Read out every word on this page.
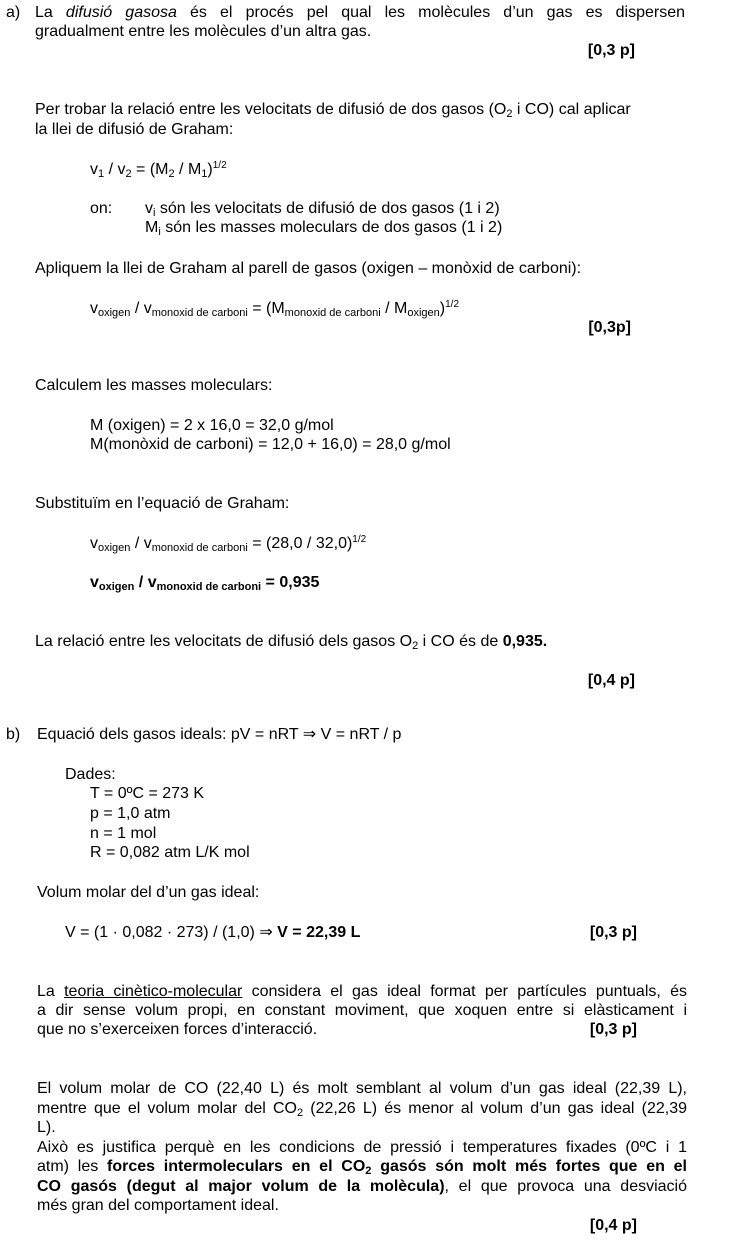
a) La difusió gasosa és el procés pel qual les molècules d’un gas es dispersen
gradualment entre les molècules d’un altra gas.
[0,3 p]
Per trobar la relació entre les velocitats de difusió de dos gasos ($O_2$ i CO) cal aplicar
la llei de difusió de Graham:
$v_1 / v_2 = (M_2 / M_1)^{1/2}$
on: $v_i$ són les velocitats de difusió de dos gasos (1 i 2)
$M_i$ són les masses moleculars de dos gasos (1 i 2)
Apliquem la llei de Graham al parell de gasos (oxigen – monòxid de carboni):
$v_{oxigen} / v_{monoxid de carboni} = (M_{monoxid de carboni} / M_{oxigen})^{1/2}$
[0,3p]
Calculem les masses moleculars:
M (oxigen) = 2 x 16,0 = 32,0 g/mol
M(monòxid de carboni) = 12,0 + 16,0) = 28,0 g/mol
Substituïm en l’equació de Graham:
$v_{oxigen} / v_{monoxid de carboni} = (28,0 / 32,0)^{1/2}$
$v_{oxigen} / v_{monoxid de carboni} = 0,935$
La relació entre les velocitats de difusió dels gasos $O_2$ i CO és de 0,935.
[0,4 p]
b) Equació dels gasos ideals: pV = nRT ⇒ V = nRT / p
Dades:
T = 0ºC = 273 K
p = 1,0 atm
n = 1 mol
R = 0,082 atm L/K mol
Volum molar del d’un gas ideal:
V = (1 · 0,082 · 273) / (1,0) ⇒ V = 22,39 L	[0,3 p]
La teoria cinètico-molecular considera el gas ideal format per partícules puntuals, és
a dir sense volum propi, en constant moviment, que xoquen entre si elàsticament i
que no s’exerceixen forces d’interacció.	[0,3 p]
El volum molar de CO (22,40 L) és molt semblant al volum d’un gas ideal (22,39 L),
mentre que el volum molar del $CO_2$ (22,26 L) és menor al volum d’un gas ideal (22,39
L).
Això es justifica perquè en les condicions de pressió i temperatures fixades (0ºC i 1
atm) les forces intermoleculars en el $CO_2$ gasós són molt més fortes que en el
CO gasós (degut al major volum de la molècula), el que provoca una desviació
més gran del comportament ideal.
[0,4 p]
